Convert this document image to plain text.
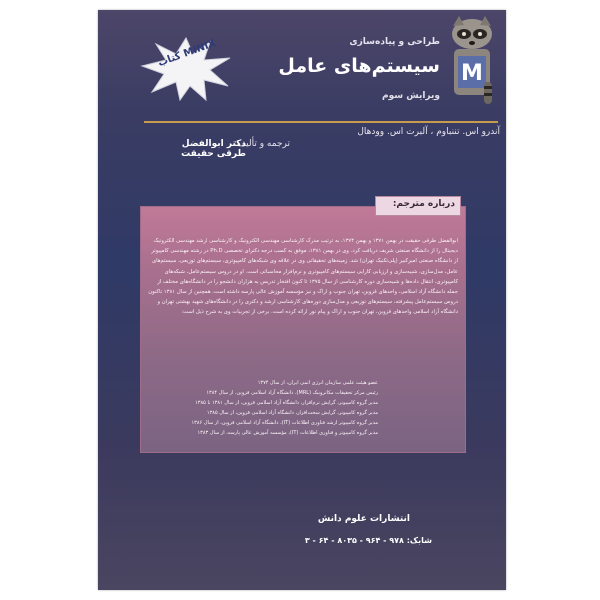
M
کتاب MINIX	طراحی و پیاده‌سازی
سیستم‌های عامل
ویرایش سوم
آندرو اس. تننباوم ، آلبرت اس. وودهال
ترجمه و تألیف:
دکتر ابوالفضل طرقی حقیقت
درباره مترجم:

ابوالفضل طرقی حقیقت در بهمن ۱۳۷۱ و بهمن ۱۳۷۴، به ترتیب مدرک کارشناسی مهندسی الکترونیک و کارشناسی ارشد مهندسی الکترونیک دیجیتال را از دانشگاه صنعتی شریف دریافت کرد. وی در بهمن ۱۳۸۱، موفق به کسب درجه دکترای تخصصی Ph.D در رشته مهندسی کامپیوتر از دانشگاه صنعتی امیرکبیر (پلی‌تکنیک تهران) شد. زمینه‌های تحقیقاتی وی در علاقه وی شبکه‌های کامپیوتری، سیستم‌های توزیعی، سیستم‌های عامل، مدل‌سازی، شبیه‌سازی و ارزیابی کارایی سیستم‌های کامپیوتری و نرم‌افزار محاسباتی است. او در دروس سیستم‌عامل، شبکه‌های کامپیوتری، انتقال داده‌ها و شبیه‌سازی دوره کارشناسی از سال ۱۳۷۵ تا کنون افتخار تدریس به هزاران دانشجو را در دانشگاه‌های مختلف از جمله دانشگاه آزاد اسلامی، واحدهای قزوین، تهران جنوب و اراک و نیز مؤسسه آموزش عالی پارسه داشته است. همچنین از سال ۱۳۸۱ تاکنون دروس سیستم‌عامل پیشرفته، سیستم‌های توزیعی و مدل‌سازی دوره‌های کارشناسی ارشد و دکتری را در دانشگاه‌های شهید بهشتی تهران و دانشگاه آزاد اسلامی واحدهای قزوین، تهران جنوب و اراک و پیام نور ارائه کرده است. برخی از تجربیات وی به شرح ذیل است:

عضو هیئت علمی سازمان انرژی اتمی ایران، از سال ۱۳۷۴
رئیس مرکز تحقیقات مکاترونیک (MRL)، دانشگاه آزاد اسلامی قزوین، از سال ۱۳۸۴
مدیر گروه کامپیوتر، گرایش نرم‌افزار، دانشگاه آزاد اسلامی قزوین، از سال ۱۳۸۱ تا ۱۳۸۵
مدیر گروه کامپیوتر، گرایش سخت‌افزار، دانشگاه آزاد اسلامی قزوین، از سال ۱۳۸۵
مدیر گروه کامپیوتر ارشد فناوری اطلاعات (IT)، دانشگاه آزاد اسلامی قزوین، از سال ۱۳۸۶
مدیر گروه کامپیوتر و فناوری اطلاعات (IT)، مؤسسه آموزش عالی پارسه، از سال ۱۳۸۳
انتشارات علوم دانش
شابک: ۹۷۸ - ۹۶۴ - ۸۰۳۵ - ۶۴ - ۳
